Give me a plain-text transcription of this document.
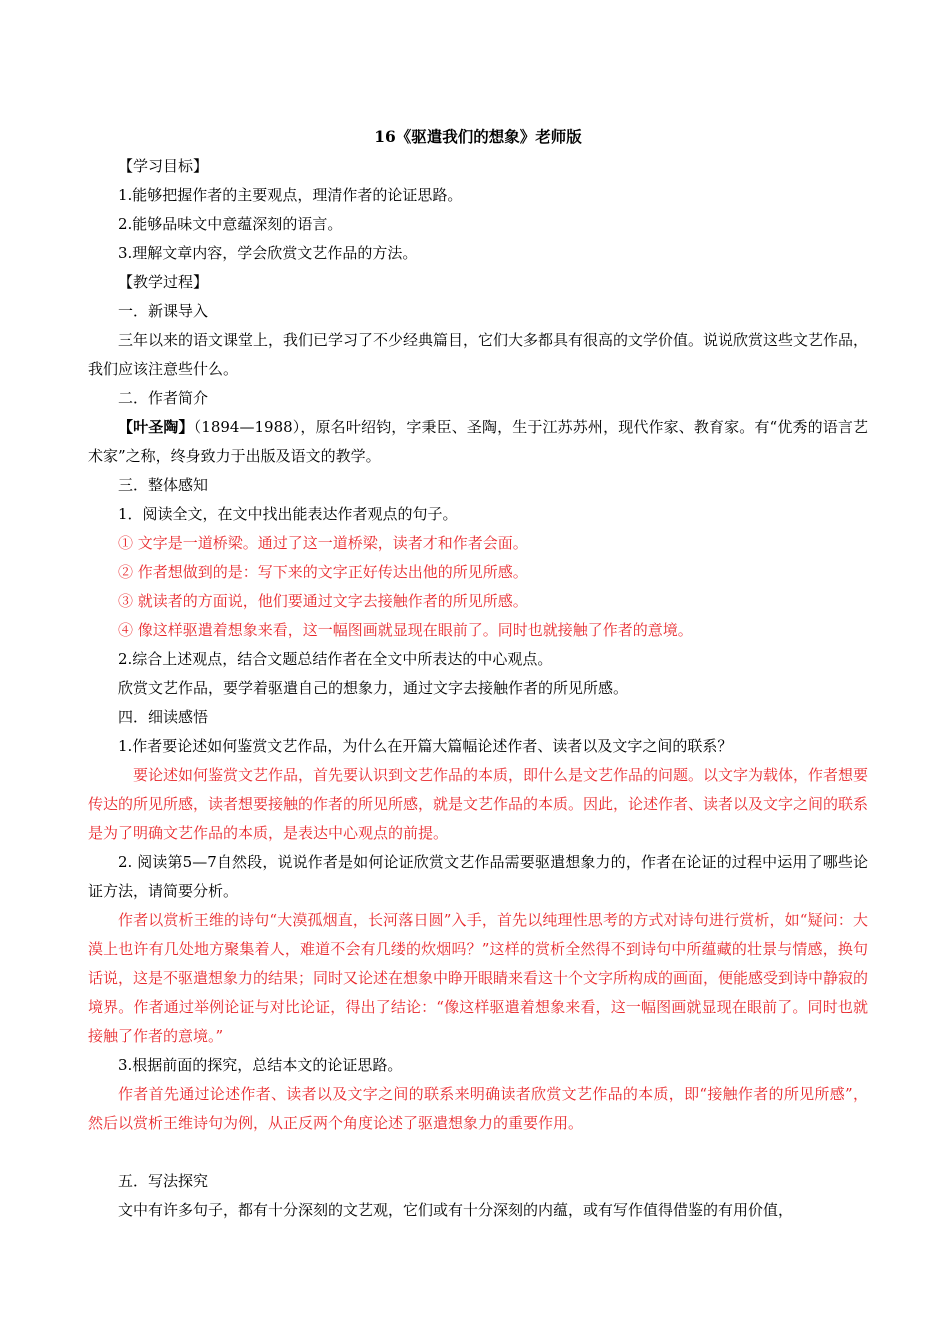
16《驱遣我们的想象》老师版

【学习目标】

1.能够把握作者的主要观点，理清作者的论证思路。

2.能够品味文中意蕴深刻的语言。

3.理解文章内容，学会欣赏文艺作品的方法。

【教学过程】

一．新课导入

三年以来的语文课堂上，我们已学习了不少经典篇目，它们大多都具有很高的文学价值。说说欣赏这些文艺作品，我们应该注意些什么。

二．作者简介

【叶圣陶】（1894—1988），原名叶绍钧，字秉臣、圣陶，生于江苏苏州，现代作家、教育家。有“优秀的语言艺术家”之称，终身致力于出版及语文的教学。

三．整体感知

1．阅读全文，在文中找出能表达作者观点的句子。

① 文字是一道桥梁。通过了这一道桥梁，读者才和作者会面。

② 作者想做到的是：写下来的文字正好传达出他的所见所感。

③ 就读者的方面说，他们要通过文字去接触作者的所见所感。

④ 像这样驱遣着想象来看，这一幅图画就显现在眼前了。同时也就接触了作者的意境。

2.综合上述观点，结合文题总结作者在全文中所表达的中心观点。

欣赏文艺作品，要学着驱遣自己的想象力，通过文字去接触作者的所见所感。

四．细读感悟

1.作者要论述如何鉴赏文艺作品，为什么在开篇大篇幅论述作者、读者以及文字之间的联系？

要论述如何鉴赏文艺作品，首先要认识到文艺作品的本质，即什么是文艺作品的问题。以文字为载体，作者想要传达的所见所感，读者想要接触的作者的所见所感，就是文艺作品的本质。因此，论述作者、读者以及文字之间的联系是为了明确文艺作品的本质，是表达中心观点的前提。

2. 阅读第5—7自然段，说说作者是如何论证欣赏文艺作品需要驱遣想象力的，作者在论证的过程中运用了哪些论证方法，请简要分析。

作者以赏析王维的诗句“大漠孤烟直，长河落日圆”入手，首先以纯理性思考的方式对诗句进行赏析，如“疑问：大漠上也许有几处地方聚集着人，难道不会有几缕的炊烟吗？”这样的赏析全然得不到诗句中所蕴藏的壮景与情感，换句话说，这是不驱遣想象力的结果；同时又论述在想象中睁开眼睛来看这十个文字所构成的画面，便能感受到诗中静寂的境界。作者通过举例论证与对比论证，得出了结论：“像这样驱遣着想象来看，这一幅图画就显现在眼前了。同时也就接触了作者的意境。”

3.根据前面的探究，总结本文的论证思路。

作者首先通过论述作者、读者以及文字之间的联系来明确读者欣赏文艺作品的本质，即“接触作者的所见所感”，然后以赏析王维诗句为例，从正反两个角度论述了驱遣想象力的重要作用。

五．写法探究

文中有许多句子，都有十分深刻的文艺观，它们或有十分深刻的内蕴，或有写作值得借鉴的有用价值，
